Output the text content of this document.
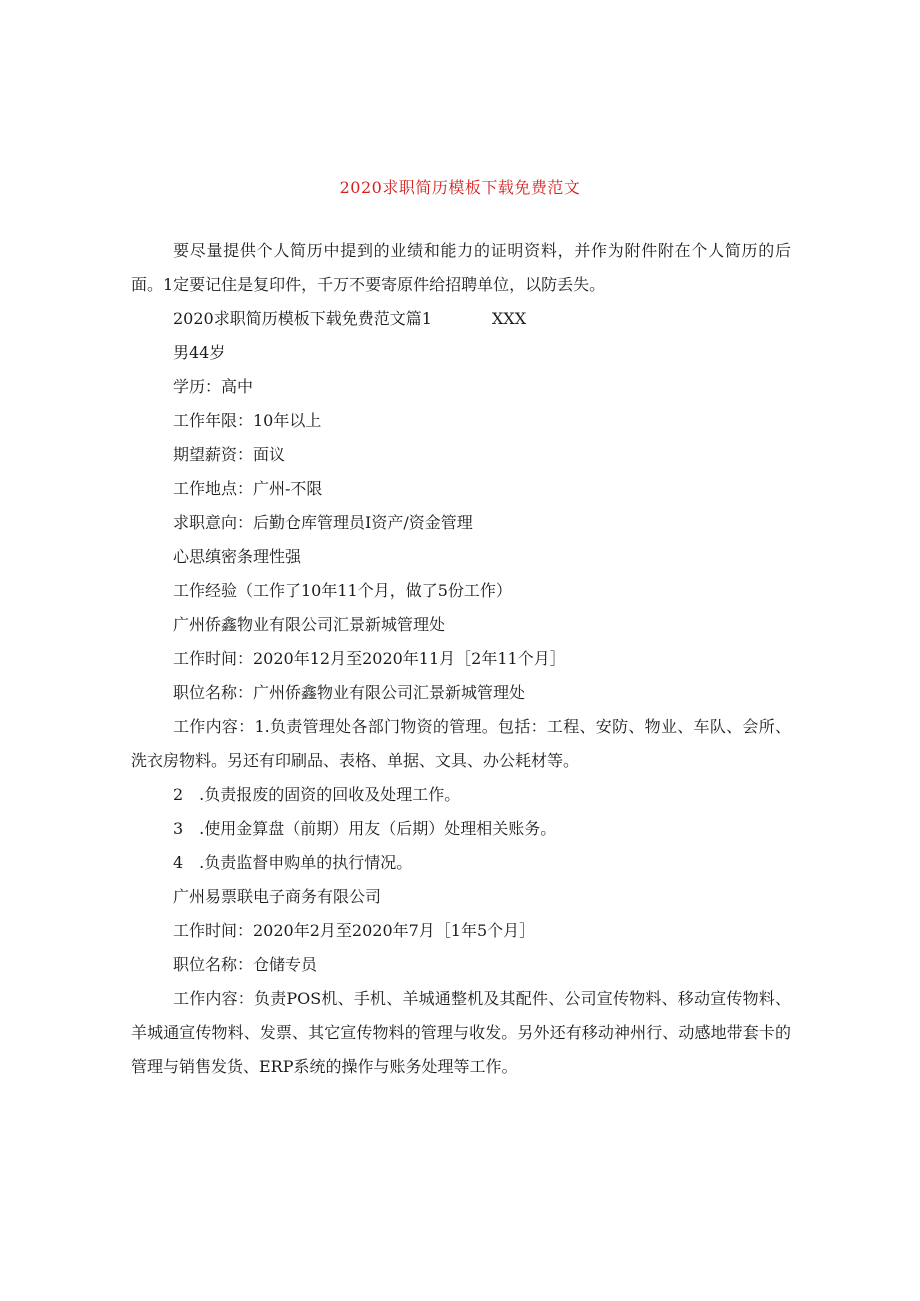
2020求职简历模板下载免费范文

要尽量提供个人简历中提到的业绩和能力的证明资料，并作为附件附在个人简历的后面。1定要记住是复印件，千万不要寄原件给招聘单位，以防丢失。

2020求职简历模板下载免费范文篇1	XXX

男44岁

学历：高中

工作年限：10年以上

期望薪资：面议

工作地点：广州-不限

求职意向：后勤仓库管理员I资产/资金管理

心思缜密条理性强

工作经验（工作了10年11个月，做了5份工作）

广州侨鑫物业有限公司汇景新城管理处

工作时间：2020年12月至2020年11月［2年11个月］

职位名称：广州侨鑫物业有限公司汇景新城管理处

工作内容：1.负责管理处各部门物资的管理。包括：工程、安防、物业、车队、会所、洗衣房物料。另还有印刷品、表格、单据、文具、办公耗材等。

2　.负责报废的固资的回收及处理工作。

3　.使用金算盘（前期）用友（后期）处理相关账务。

4　.负责监督申购单的执行情况。

广州易票联电子商务有限公司

工作时间：2020年2月至2020年7月［1年5个月］

职位名称：仓储专员

工作内容：负责POS机、手机、羊城通整机及其配件、公司宣传物料、移动宣传物料、羊城通宣传物料、发票、其它宣传物料的管理与收发。另外还有移动神州行、动感地带套卡的管理与销售发货、ERP系统的操作与账务处理等工作。
